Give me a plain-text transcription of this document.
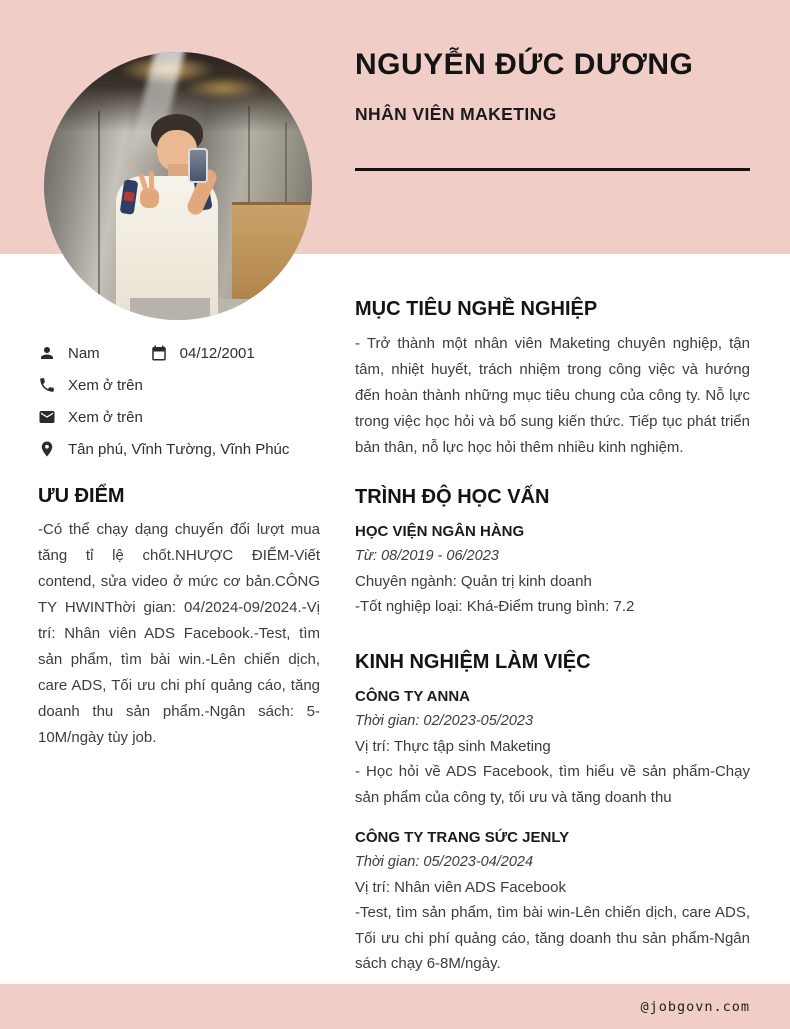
NGUYỄN ĐỨC DƯƠNG
NHÂN VIÊN MAKETING
Nam	04/12/2001
Xem ở trên
Xem ở trên
Tân phú, Vĩnh Tường, Vĩnh Phúc
ƯU ĐIỂM
-Có thể chạy dạng chuyển đổi lượt mua tăng tỉ lệ chốt.NHƯỢC ĐIỂM-Viết contend, sửa video ở mức cơ bản.CÔNG TY HWINThời gian: 04/2024-09/2024.-Vị trí: Nhân viên ADS Facebook.-Test, tìm sản phẩm, tìm bài win.-Lên chiến dịch, care ADS, Tối ưu chi phí quảng cáo, tăng doanh thu sản phẩm.-Ngân sách: 5-10M/ngày tùy job.
MỤC TIÊU NGHỀ NGHIỆP
- Trở thành một nhân viên Maketing chuyên nghiệp, tận tâm, nhiệt huyết, trách nhiệm trong công việc và hướng đến hoàn thành những mục tiêu chung của công ty. Nỗ lực trong việc học hỏi và bổ sung kiến thức. Tiếp tục phát triển bản thân, nỗ lực học hỏi thêm nhiều kinh nghiệm.
TRÌNH ĐỘ HỌC VẤN
HỌC VIỆN NGÂN HÀNG
Từ: 08/2019 - 06/2023
Chuyên ngành: Quản trị kinh doanh
-Tốt nghiệp loại: Khá-Điểm trung bình: 7.2
KINH NGHIỆM LÀM VIỆC
CÔNG TY ANNA
Thời gian: 02/2023-05/2023
Vị trí: Thực tập sinh Maketing
- Học hỏi về ADS Facebook, tìm hiểu về sản phẩm-Chạy sản phẩm của công ty, tối ưu và tăng doanh thu
CÔNG TY TRANG SỨC JENLY
Thời gian: 05/2023-04/2024
Vị trí: Nhân viên ADS Facebook
-Test, tìm sản phẩm, tìm bài win-Lên chiến dịch, care ADS, Tối ưu chi phí quảng cáo, tăng doanh thu sản phẩm-Ngân sách chạy 6-8M/ngày.
@jobgovn.com
